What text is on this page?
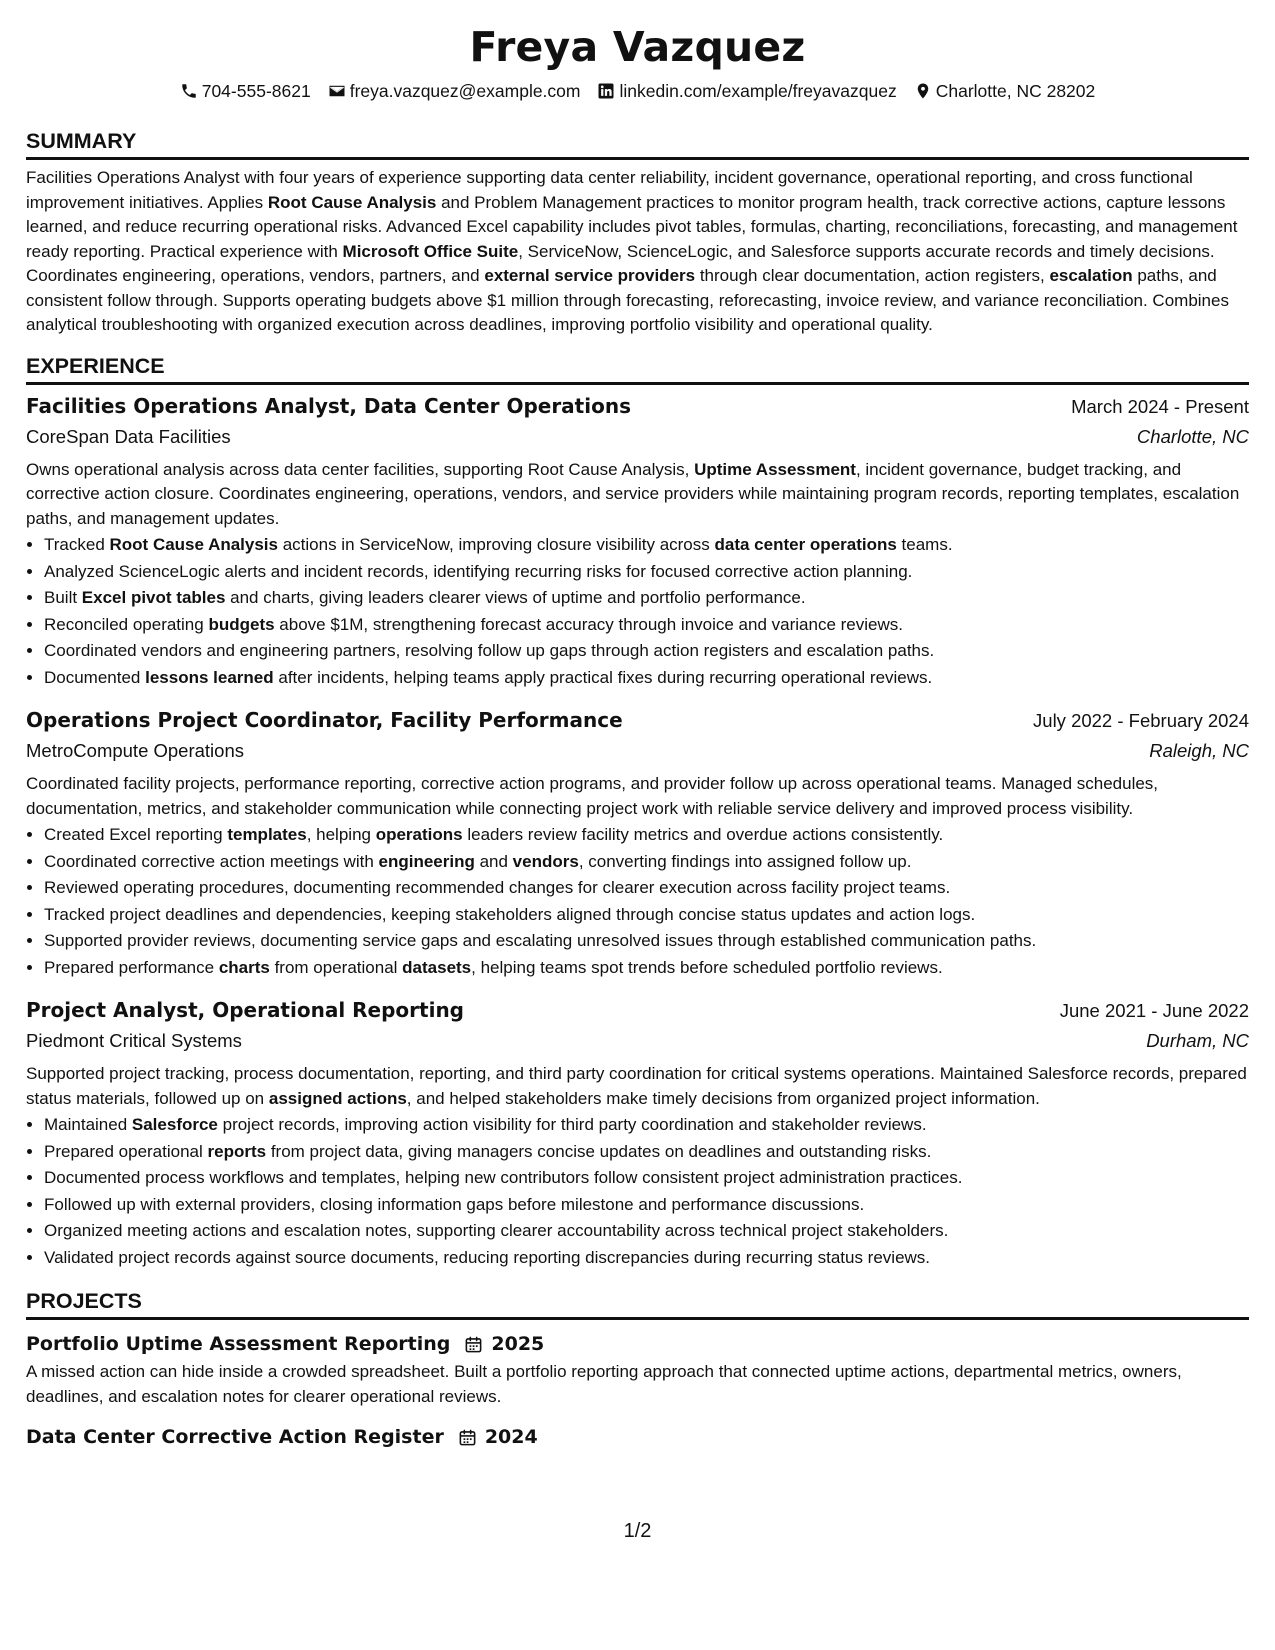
Freya Vazquez
704-555-8621 freya.vazquez@example.com linkedin.com/example/freyavazquez Charlotte, NC 28202
SUMMARY

Facilities Operations Analyst with four years of experience supporting data center reliability, incident governance, operational reporting, and cross functional improvement initiatives. Applies Root Cause Analysis and Problem Management practices to monitor program health, track corrective actions, capture lessons learned, and reduce recurring operational risks. Advanced Excel capability includes pivot tables, formulas, charting, reconciliations, forecasting, and management ready reporting. Practical experience with Microsoft Office Suite, ServiceNow, ScienceLogic, and Salesforce supports accurate records and timely decisions. Coordinates engineering, operations, vendors, partners, and external service providers through clear documentation, action registers, escalation paths, and consistent follow through. Supports operating budgets above $1 million through forecasting, reforecasting, invoice review, and variance reconciliation. Combines analytical troubleshooting with organized execution across deadlines, improving portfolio visibility and operational quality.

EXPERIENCE
Facilities Operations Analyst, Data Center Operations	March 2024 - Present
CoreSpan Data Facilities	Charlotte, NC

Owns operational analysis across data center facilities, supporting Root Cause Analysis, Uptime Assessment, incident governance, budget tracking, and corrective action closure. Coordinates engineering, operations, vendors, and service providers while maintaining program records, reporting templates, escalation paths, and management updates.

• Tracked Root Cause Analysis actions in ServiceNow, improving closure visibility across data center operations teams.
• Analyzed ScienceLogic alerts and incident records, identifying recurring risks for focused corrective action planning.
• Built Excel pivot tables and charts, giving leaders clearer views of uptime and portfolio performance.
• Reconciled operating budgets above $1M, strengthening forecast accuracy through invoice and variance reviews.
• Coordinated vendors and engineering partners, resolving follow up gaps through action registers and escalation paths.
• Documented lessons learned after incidents, helping teams apply practical fixes during recurring operational reviews.
Operations Project Coordinator, Facility Performance	July 2022 - February 2024
MetroCompute Operations	Raleigh, NC

Coordinated facility projects, performance reporting, corrective action programs, and provider follow up across operational teams. Managed schedules, documentation, metrics, and stakeholder communication while connecting project work with reliable service delivery and improved process visibility.

• Created Excel reporting templates, helping operations leaders review facility metrics and overdue actions consistently.
• Coordinated corrective action meetings with engineering and vendors, converting findings into assigned follow up.
• Reviewed operating procedures, documenting recommended changes for clearer execution across facility project teams.
• Tracked project deadlines and dependencies, keeping stakeholders aligned through concise status updates and action logs.
• Supported provider reviews, documenting service gaps and escalating unresolved issues through established communication paths.
• Prepared performance charts from operational datasets, helping teams spot trends before scheduled portfolio reviews.
Project Analyst, Operational Reporting	June 2021 - June 2022
Piedmont Critical Systems	Durham, NC

Supported project tracking, process documentation, reporting, and third party coordination for critical systems operations. Maintained Salesforce records, prepared status materials, followed up on assigned actions, and helped stakeholders make timely decisions from organized project information.

• Maintained Salesforce project records, improving action visibility for third party coordination and stakeholder reviews.
• Prepared operational reports from project data, giving managers concise updates on deadlines and outstanding risks.
• Documented process workflows and templates, helping new contributors follow consistent project administration practices.
• Followed up with external providers, closing information gaps before milestone and performance discussions.
• Organized meeting actions and escalation notes, supporting clearer accountability across technical project stakeholders.
• Validated project records against source documents, reducing reporting discrepancies during recurring status reviews.
PROJECTS
Portfolio Uptime Assessment Reporting 2025

A missed action can hide inside a crowded spreadsheet. Built a portfolio reporting approach that connected uptime actions, departmental metrics, owners, deadlines, and escalation notes for clearer operational reviews.

Data Center Corrective Action Register 2024
1/2
